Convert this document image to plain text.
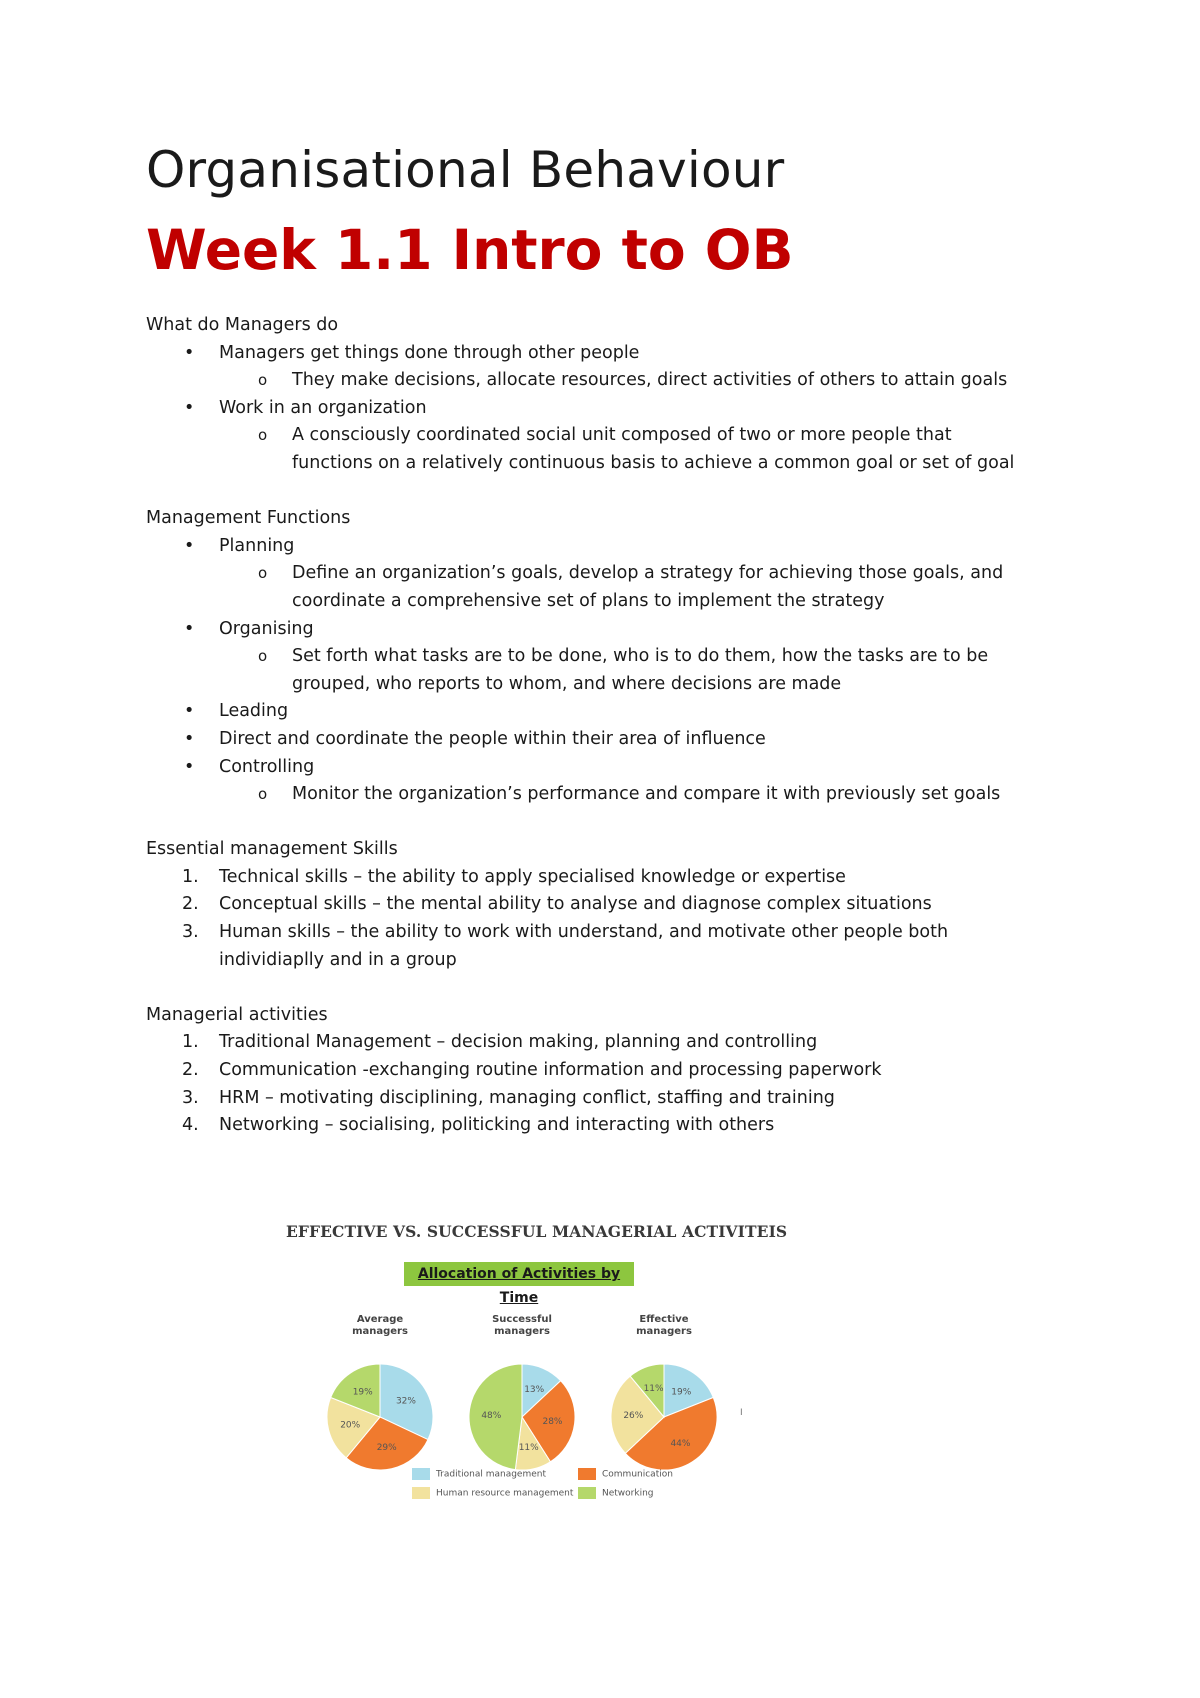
Organisational Behaviour
Week 1.1 Intro to OB

What do Managers do

• Managers get things done through other people
o They make decisions, allocate resources, direct activities of others to attain goals
• Work in an organization
o A consciously coordinated social unit composed of two or more people that
functions on a relatively continuous basis to achieve a common goal or set of goal

Management Functions

• Planning
o Define an organization’s goals, develop a strategy for achieving those goals, and
coordinate a comprehensive set of plans to implement the strategy
• Organising
o Set forth what tasks are to be done, who is to do them, how the tasks are to be
grouped, who reports to whom, and where decisions are made
• Leading
• Direct and coordinate the people within their area of influence
• Controlling
o Monitor the organization’s performance and compare it with previously set goals

Essential management Skills

1. Technical skills – the ability to apply specialised knowledge or expertise
2. Conceptual skills – the mental ability to analyse and diagnose complex situations
3. Human skills – the ability to work with understand, and motivate other people both
individiaplly and in a group

Managerial activities

1. Traditional Management – decision making, planning and controlling
2. Communication -exchanging routine information and processing paperwork
3. HRM – motivating disciplining, managing conflict, staffing and training
4. Networking – socialising, politicking and interacting with others
EFFECTIVE VS. SUCCESSFUL MANAGERIAL ACTIVITEIS
Allocation of Activities by Time
Average
managers
Successful
managers
Effective
managers
32%
29%
20%
19%	13%
28%
11%
48%
19%
44%
26%
11%
I
Traditional management	Communication
Human resource management	Networking
